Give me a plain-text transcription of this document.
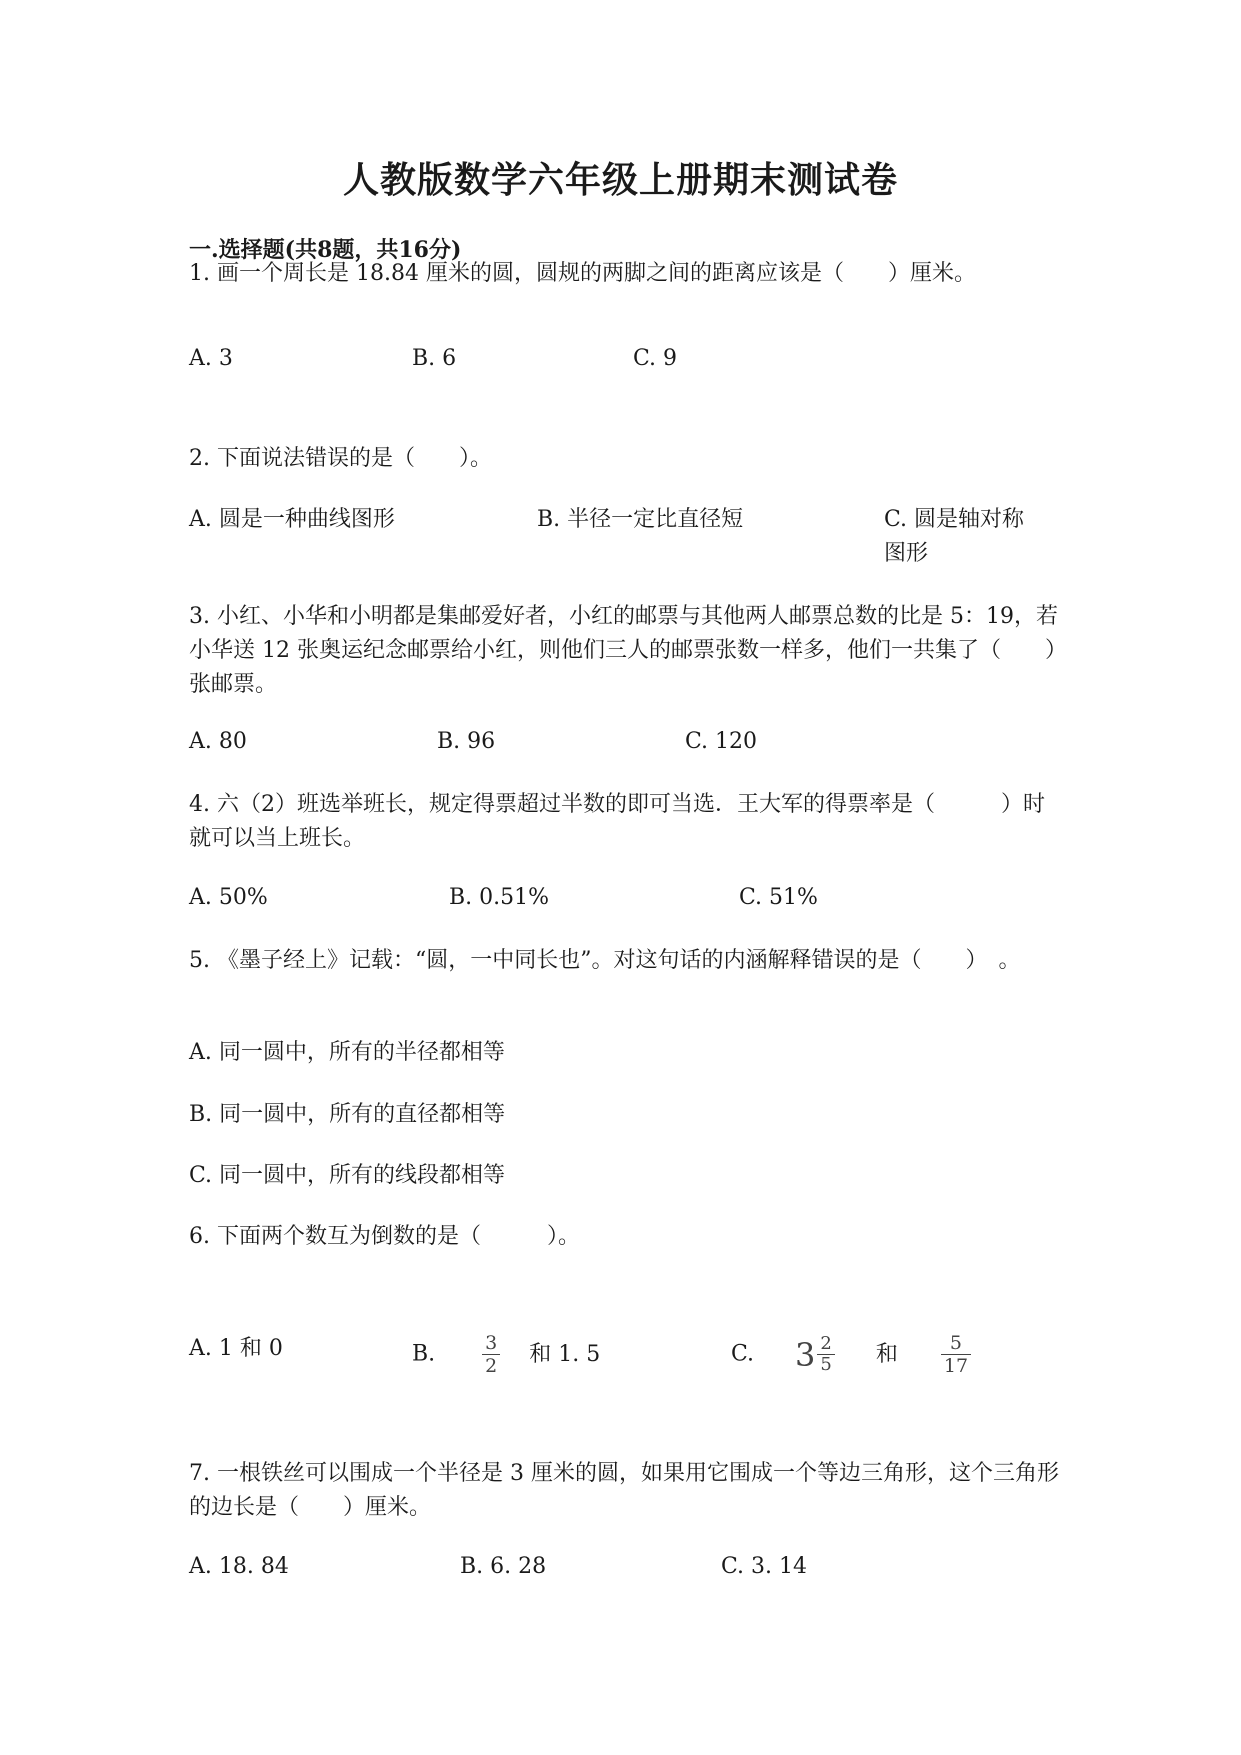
人教版数学六年级上册期末测试卷
一.选择题(共8题，共16分)
1. 画一个周长是 18.84 厘米的圆，圆规的两脚之间的距离应该是（　　）厘米。
A. 3	B. 6	C. 9
2. 下面说法错误的是（　　）。
A. 圆是一种曲线图形	B. 半径一定比直径短	C. 圆是轴对称图形
3. 小红、小华和小明都是集邮爱好者，小红的邮票与其他两人邮票总数的比是 5：19，若小华送 12 张奥运纪念邮票给小红，则他们三人的邮票张数一样多，他们一共集了（　　）张邮票。
A. 80	B. 96	C. 120
4. 六（2）班选举班长，规定得票超过半数的即可当选．王大军的得票率是（　　　）时就可以当上班长。
A. 50%	B. 0.51%	C. 51%
5. 《墨子经上》记载：“圆，一中同长也”。对这句话的内涵解释错误的是（　　）　。
A. 同一圆中，所有的半径都相等
B. 同一圆中，所有的直径都相等
C. 同一圆中，所有的线段都相等
6. 下面两个数互为倒数的是（　　　）。
A. 1 和 0	B. $\frac{3}{2}$ 和 1. 5	C. $3 \frac{2}{5}$ 和 $\frac{5}{17}$
7. 一根铁丝可以围成一个半径是 3 厘米的圆，如果用它围成一个等边三角形，这个三角形的边长是（　　）厘米。
A. 18. 84	B. 6. 28	C. 3. 14
